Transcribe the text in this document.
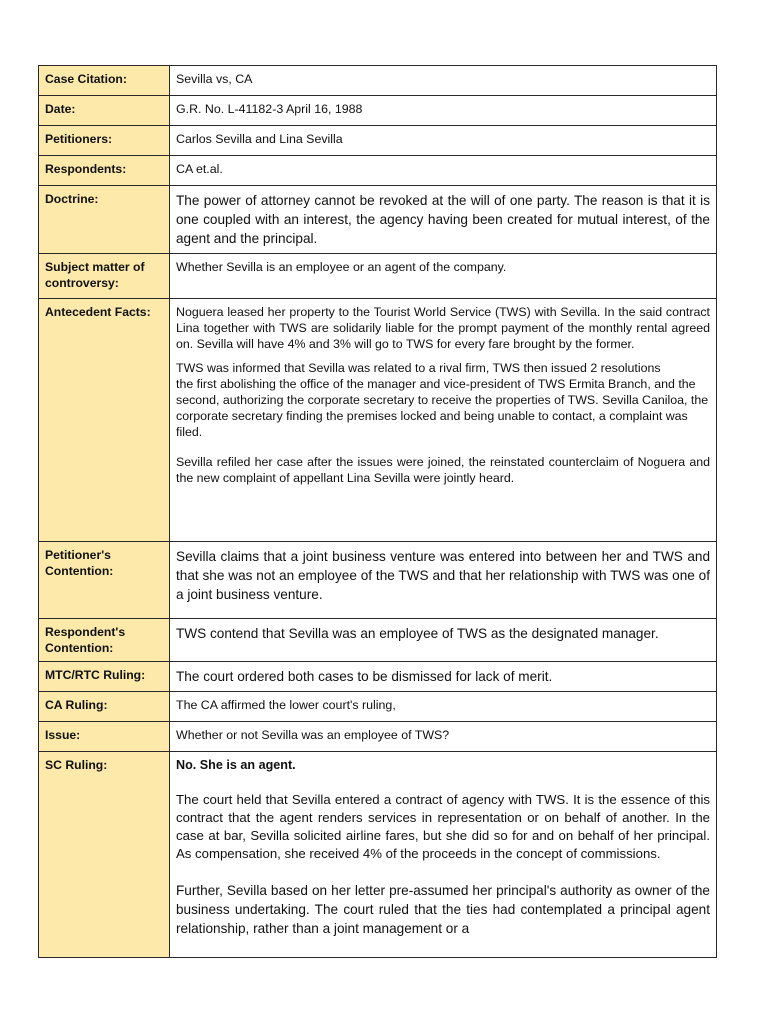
Case Citation:	Sevilla vs, CA
Date:	G.R. No. L-41182-3 April 16, 1988
Petitioners:	Carlos Sevilla and Lina Sevilla
Respondents:	CA et.al.
Doctrine:	The power of attorney cannot be revoked at the will of one party. The reason is that it is one coupled with an interest, the agency having been created for mutual interest, of the agent and the principal.

Subject matter of controversy:	Whether Sevilla is an employee or an agent of the company.
Antecedent Facts:	Noguera leased her property to the Tourist World Service (TWS) with Sevilla. In the said contract Lina together with TWS are solidarily liable for the prompt payment of the monthly rental agreed on. Sevilla will have 4% and 3% will go to TWS for every fare brought by the former.

TWS was informed that Sevilla was related to a rival firm, TWS then issued 2 resolutions

the first abolishing the office of the manager and vice-president of TWS Ermita Branch, and the second, authorizing the corporate secretary to receive the properties of TWS. Sevilla Caniloa, the corporate secretary finding the premises locked and being unable to contact, a complaint was filed.

Sevilla refiled her case after the issues were joined, the reinstated counterclaim of Noguera and the new complaint of appellant Lina Sevilla were jointly heard.

Petitioner's Contention:	Sevilla claims that a joint business venture was entered into between her and TWS and that she was not an employee of the TWS and that her relationship with TWS was one of a joint business venture.

Respondent's Contention:	TWS contend that Sevilla was an employee of TWS as the designated manager.
MTC/RTC Ruling:	The court ordered both cases to be dismissed for lack of merit.
CA Ruling:	The CA affirmed the lower court's ruling,
Issue:	Whether or not Sevilla was an employee of TWS?
SC Ruling:	No. She is an agent.

The court held that Sevilla entered a contract of agency with TWS. It is the essence of this contract that the agent renders services in representation or on behalf of another. In the case at bar, Sevilla solicited airline fares, but she did so for and on behalf of her principal. As compensation, she received 4% of the proceeds in the concept of commissions.

Further, Sevilla based on her letter pre-assumed her principal's authority as owner of the business undertaking. The court ruled that the ties had contemplated a principal agent relationship, rather than a joint management or a
